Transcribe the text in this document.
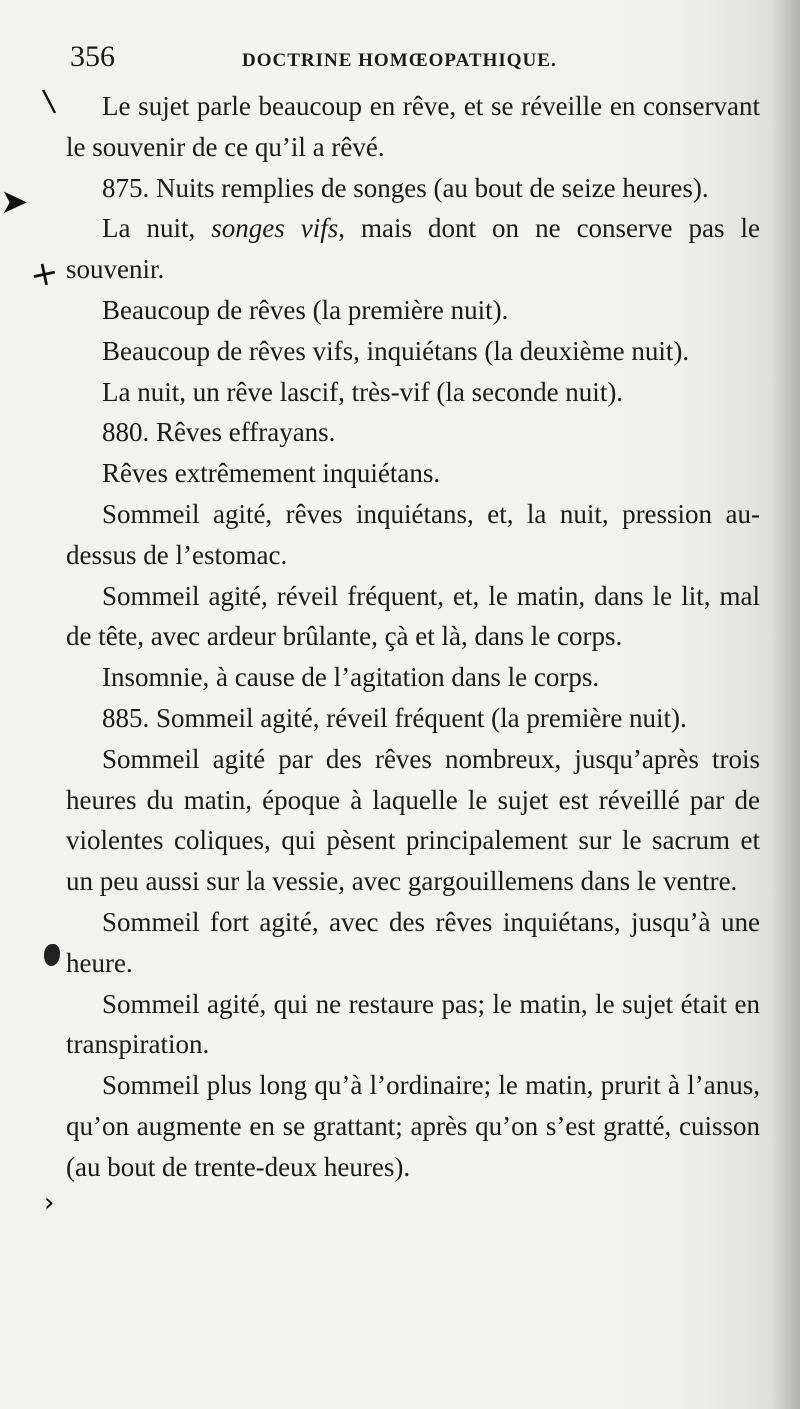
356	DOCTRINE HOMŒOPATHIQUE.
\
➤
+
›

Le sujet parle beaucoup en rêve, et se réveille en conservant le souvenir de ce qu’il a rêvé.

875. Nuits remplies de songes (au bout de seize heures).

La nuit, songes vifs, mais dont on ne conserve pas le souvenir.

Beaucoup de rêves (la première nuit).

Beaucoup de rêves vifs, inquiétans (la deuxième nuit).

La nuit, un rêve lascif, très-vif (la seconde nuit).

880. Rêves effrayans.

Rêves extrêmement inquiétans.

Sommeil agité, rêves inquiétans, et, la nuit, pression au-dessus de l’estomac.

Sommeil agité, réveil fréquent, et, le matin, dans le lit, mal de tête, avec ardeur brûlante, çà et là, dans le corps.

Insomnie, à cause de l’agitation dans le corps.

885. Sommeil agité, réveil fréquent (la première nuit).

Sommeil agité par des rêves nombreux, jusqu’après trois heures du matin, époque à laquelle le sujet est réveillé par de violentes coliques, qui pèsent principalement sur le sacrum et un peu aussi sur la vessie, avec gargouillemens dans le ventre.

Sommeil fort agité, avec des rêves inquiétans, jusqu’à une heure.

Sommeil agité, qui ne restaure pas; le matin, le sujet était en transpiration.

Sommeil plus long qu’à l’ordinaire; le matin, prurit à l’anus, qu’on augmente en se grattant; après qu’on s’est gratté, cuisson (au bout de trente-deux heures).
